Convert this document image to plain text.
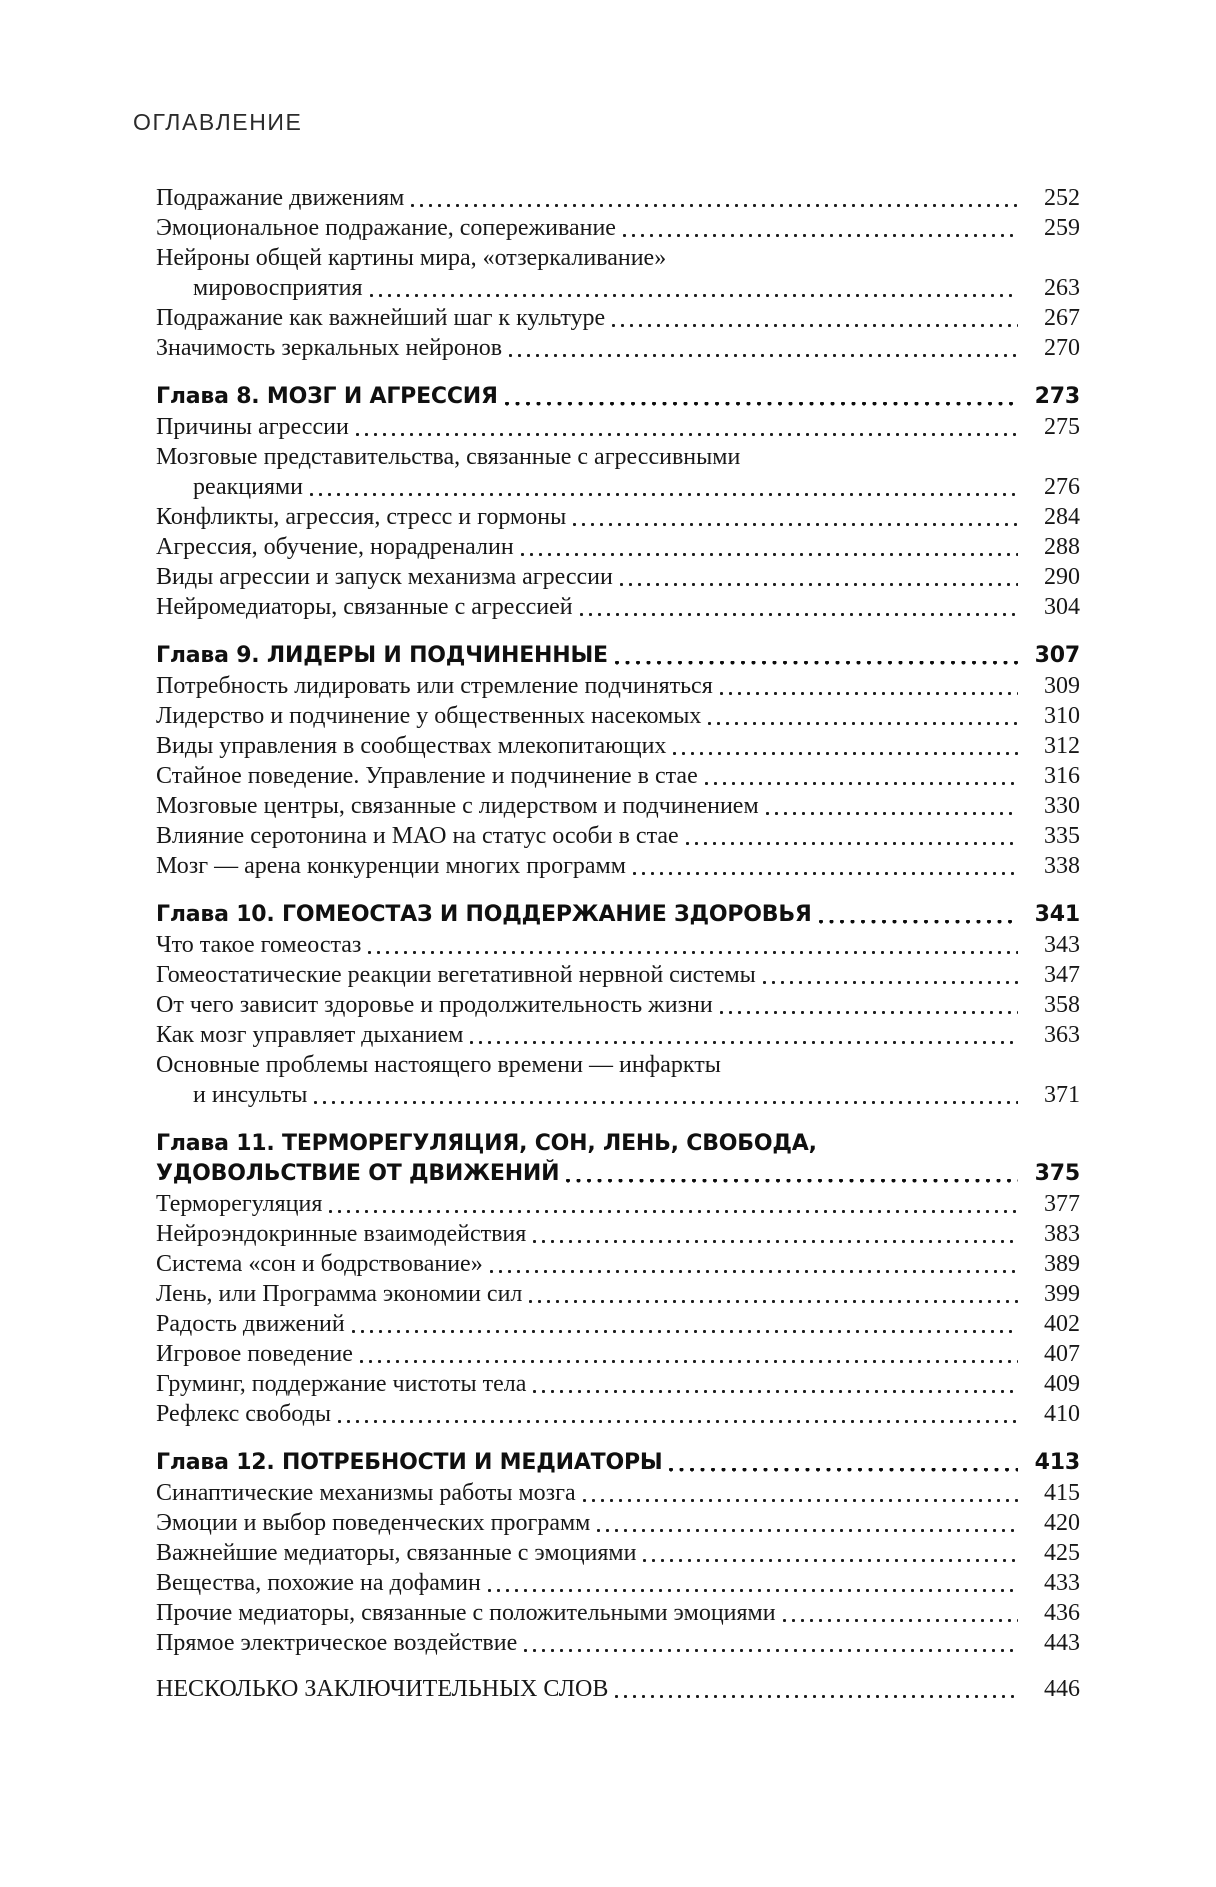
ОГЛАВЛЕНИЕ
Подражание движениям	252
Эмоциональное подражание, сопереживание	259
Нейроны общей картины мира, «отзеркаливание»
мировосприятия	263
Подражание как важнейший шаг к культуре	267
Значимость зеркальных нейронов	270
Глава 8. МОЗГ И АГРЕССИЯ	273
Причины агрессии	275
Мозговые представительства, связанные с агрессивными
реакциями	276
Конфликты, агрессия, стресс и гормоны	284
Агрессия, обучение, норадреналин	288
Виды агрессии и запуск механизма агрессии	290
Нейромедиаторы, связанные с агрессией	304
Глава 9. ЛИДЕРЫ И ПОДЧИНЕННЫЕ	307
Потребность лидировать или стремление подчиняться	309
Лидерство и подчинение у общественных насекомых	310
Виды управления в сообществах млекопитающих	312
Стайное поведение. Управление и подчинение в стае	316
Мозговые центры, связанные с лидерством и подчинением	330
Влияние серотонина и МАО на статус особи в стае	335
Мозг — арена конкуренции многих программ	338
Глава 10. ГОМЕОСТАЗ И ПОДДЕРЖАНИЕ ЗДОРОВЬЯ	341
Что такое гомеостаз	343
Гомеостатические реакции вегетативной нервной системы	347
От чего зависит здоровье и продолжительность жизни	358
Как мозг управляет дыханием	363
Основные проблемы настоящего времени — инфаркты
и инсульты	371
Глава 11. ТЕРМОРЕГУЛЯЦИЯ, СОН, ЛЕНЬ, СВОБОДА,
УДОВОЛЬСТВИЕ ОТ ДВИЖЕНИЙ	375
Терморегуляция	377
Нейроэндокринные взаимодействия	383
Система «сон и бодрствование»	389
Лень, или Программа экономии сил	399
Радость движений	402
Игровое поведение	407
Груминг, поддержание чистоты тела	409
Рефлекс свободы	410
Глава 12. ПОТРЕБНОСТИ И МЕДИАТОРЫ	413
Синаптические механизмы работы мозга	415
Эмоции и выбор поведенческих программ	420
Важнейшие медиаторы, связанные с эмоциями	425
Вещества, похожие на дофамин	433
Прочие медиаторы, связанные с положительными эмоциями	436
Прямое электрическое воздействие	443
НЕСКОЛЬКО ЗАКЛЮЧИТЕЛЬНЫХ СЛОВ	446
